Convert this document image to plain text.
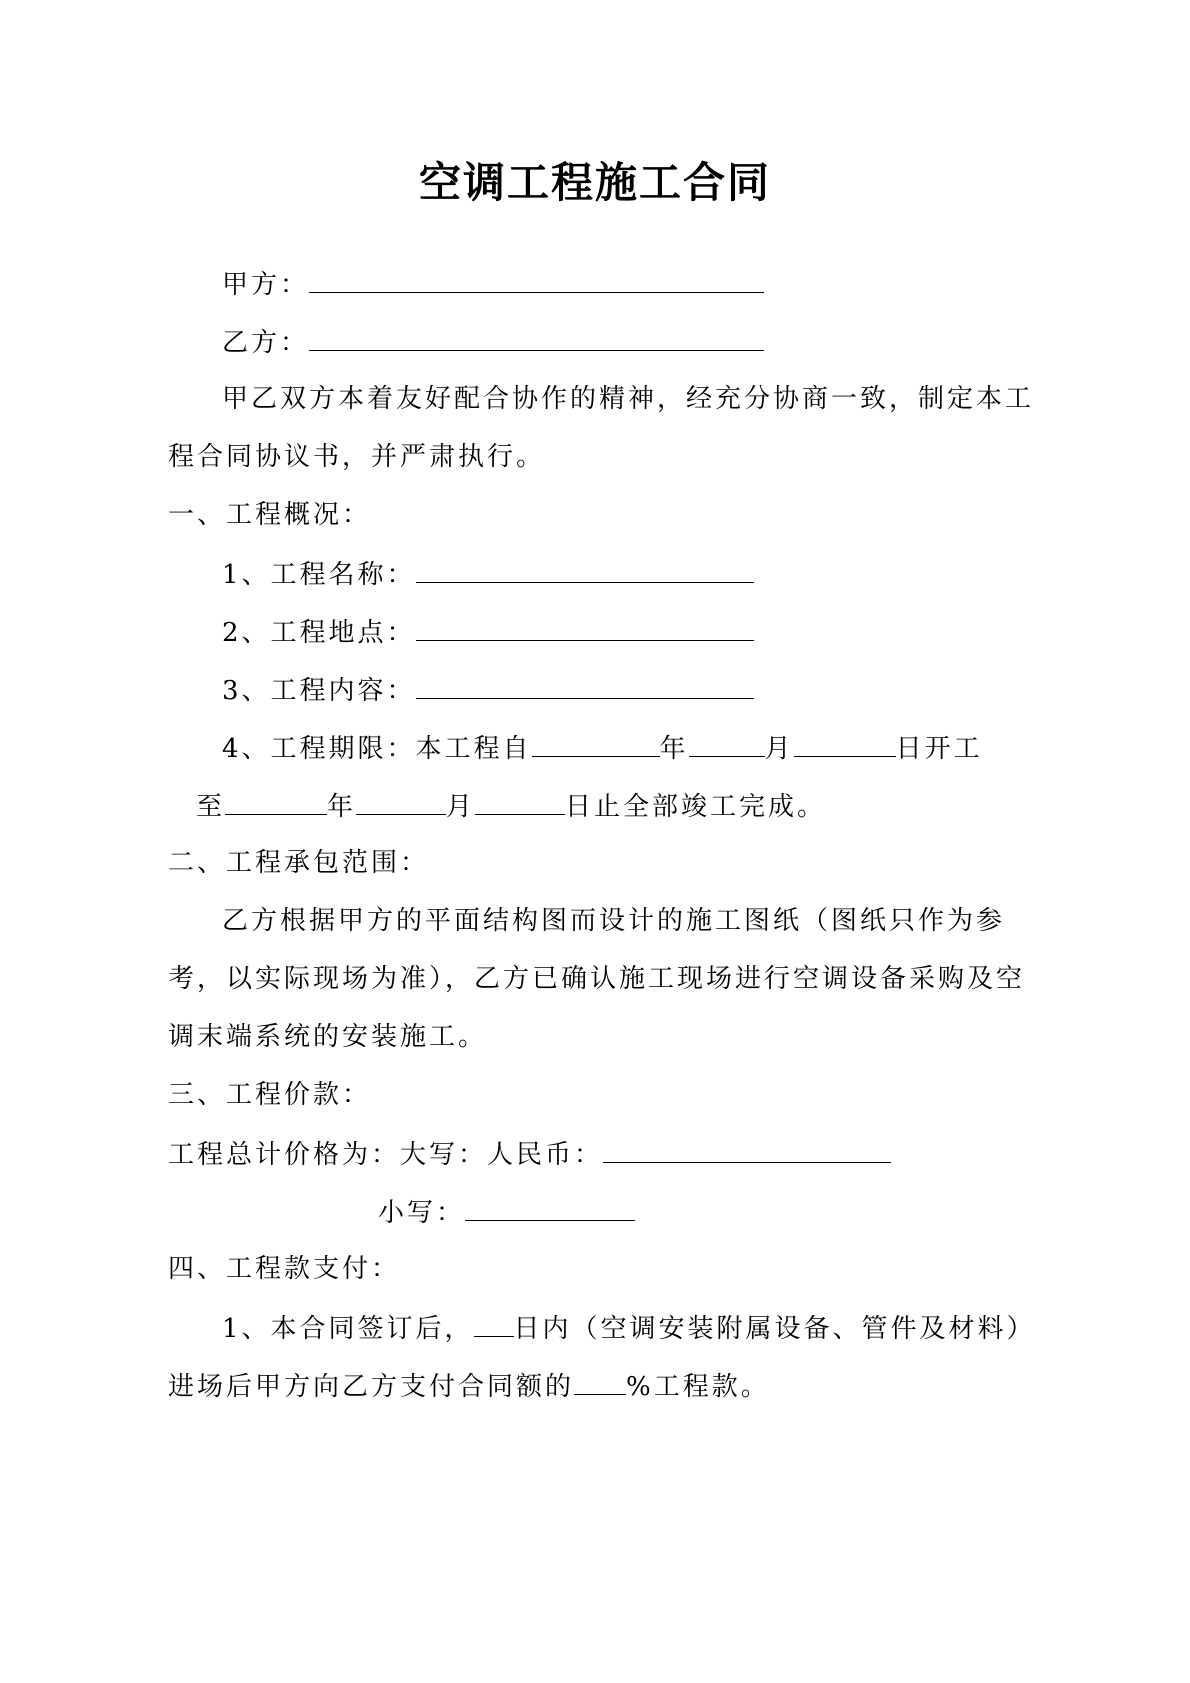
空调工程施工合同
甲方：
乙方：
甲乙双方本着友好配合协作的精神，经充分协商一致，制定本工
程合同协议书，并严肃执行。
一、工程概况：
1、工程名称：
2、工程地点：
3、工程内容：
4、工程期限：本工程自	年	月	日开工
至	年	月	日止全部竣工完成。
二、工程承包范围：
乙方根据甲方的平面结构图而设计的施工图纸（图纸只作为参
考，以实际现场为准），乙方已确认施工现场进行空调设备采购及空
调末端系统的安装施工。
三、工程价款：
工程总计价格为：大写：人民币：
小写：
四、工程款支付：
1、本合同签订后， 日内（空调安装附属设备、管件及材料）
进场后甲方向乙方支付合同额的 %工程款。
